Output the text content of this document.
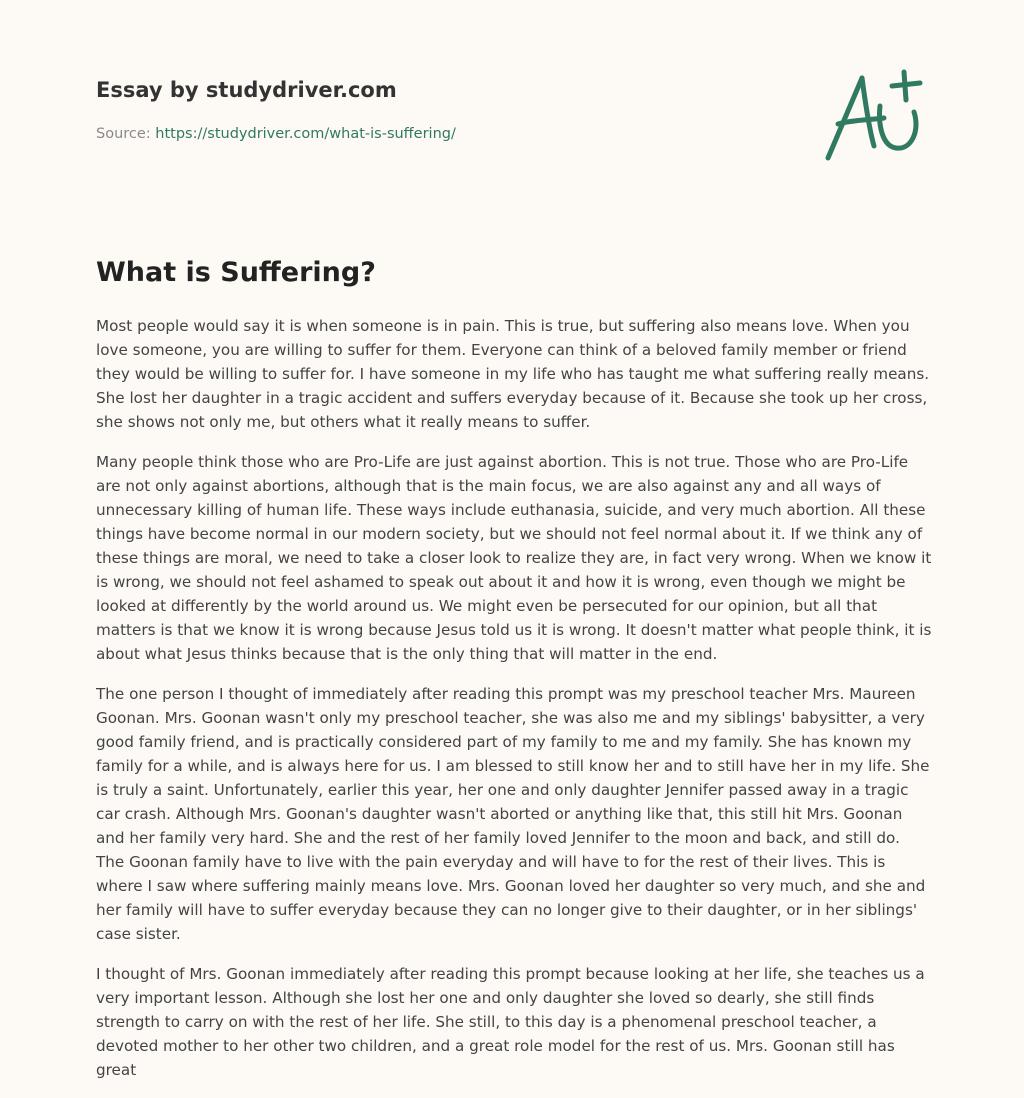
Essay by studydriver.com
Source: https://studydriver.com/what-is-suffering/
What is Suffering?

Most people would say it is when someone is in pain. This is true, but suffering also means love. When you love someone, you are willing to suffer for them. Everyone can think of a beloved family member or friend they would be willing to suffer for. I have someone in my life who has taught me what suffering really means. She lost her daughter in a tragic accident and suffers everyday because of it. Because she took up her cross, she shows not only me, but others what it really means to suffer.

Many people think those who are Pro-Life are just against abortion. This is not true. Those who are Pro-Life are not only against abortions, although that is the main focus, we are also against any and all ways of unnecessary killing of human life. These ways include euthanasia, suicide, and very much abortion. All these things have become normal in our modern society, but we should not feel normal about it. If we think any of these things are moral, we need to take a closer look to realize they are, in fact very wrong. When we know it is wrong, we should not feel ashamed to speak out about it and how it is wrong, even though we might be looked at differently by the world around us. We might even be persecuted for our opinion, but all that matters is that we know it is wrong because Jesus told us it is wrong. It doesn't matter what people think, it is about what Jesus thinks because that is the only thing that will matter in the end.

The one person I thought of immediately after reading this prompt was my preschool teacher Mrs. Maureen Goonan. Mrs. Goonan wasn't only my preschool teacher, she was also me and my siblings' babysitter, a very good family friend, and is practically considered part of my family to me and my family. She has known my family for a while, and is always here for us. I am blessed to still know her and to still have her in my life. She is truly a saint. Unfortunately, earlier this year, her one and only daughter Jennifer passed away in a tragic car crash. Although Mrs. Goonan's daughter wasn't aborted or anything like that, this still hit Mrs. Goonan and her family very hard. She and the rest of her family loved Jennifer to the moon and back, and still do. The Goonan family have to live with the pain everyday and will have to for the rest of their lives. This is where I saw where suffering mainly means love. Mrs. Goonan loved her daughter so very much, and she and her family will have to suffer everyday because they can no longer give to their daughter, or in her siblings' case sister.

I thought of Mrs. Goonan immediately after reading this prompt because looking at her life, she teaches us a very important lesson. Although she lost her one and only daughter she loved so dearly, she still finds strength to carry on with the rest of her life. She still, to this day is a phenomenal preschool teacher, a devoted mother to her other two children, and a great role model for the rest of us. Mrs. Goonan still has great
